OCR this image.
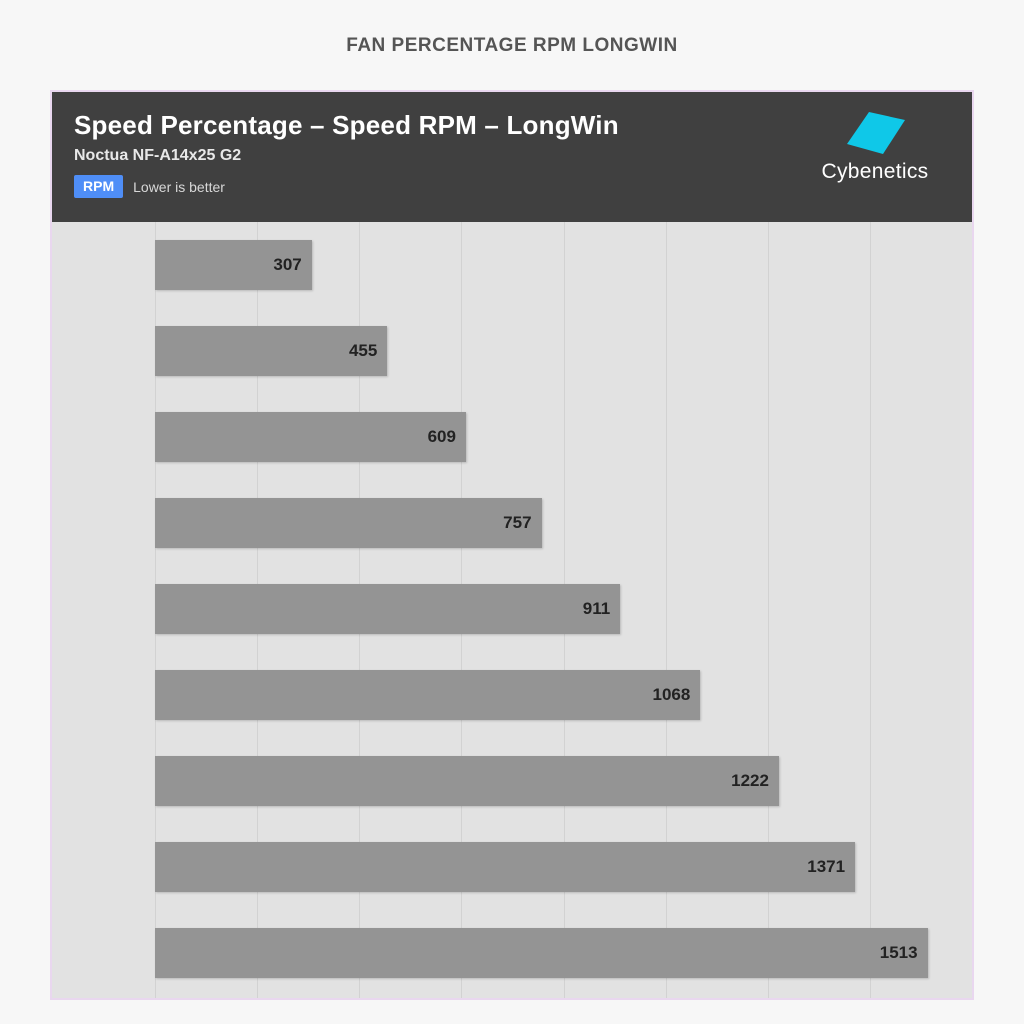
FAN PERCENTAGE RPM LONGWIN
Speed Percentage – Speed RPM – LongWin
Noctua NF-A14x25 G2
RPM	Lower is better
Cybenetics
307
455
609
757
911
1068
1222
1371
1513
